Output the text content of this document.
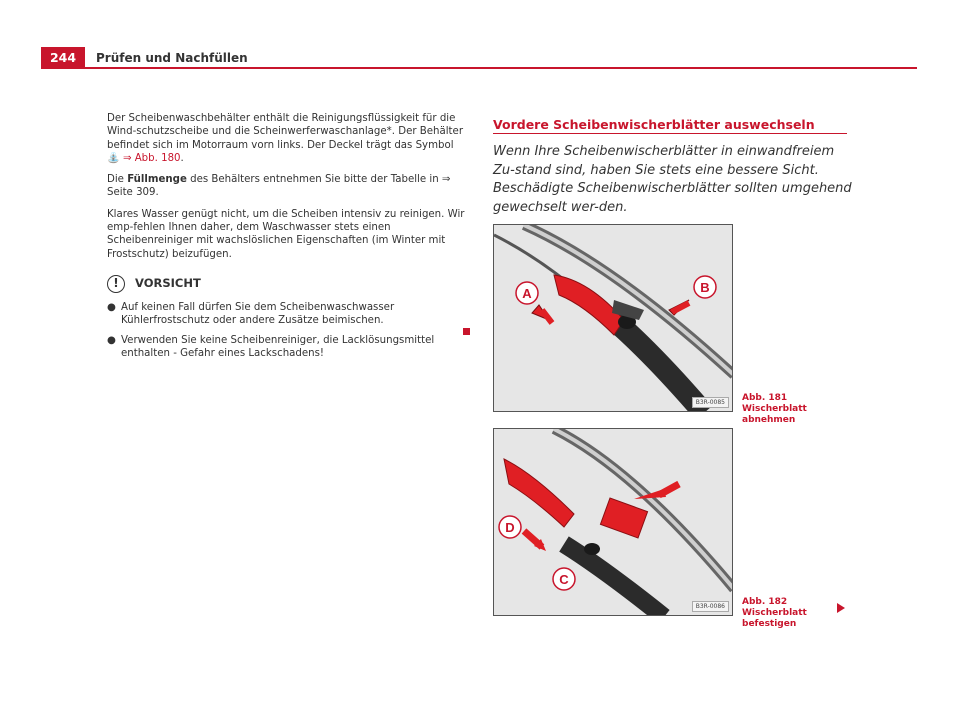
244	Prüfen und Nachfüllen

Der Scheibenwaschbehälter enthält die Reinigungsflüssigkeit für die Wind-schutzscheibe und die Scheinwerferwaschanlage*. Der Behälter befindet sich im Motorraum vorn links. Der Deckel trägt das Symbol ⛲ ⇒ Abb. 180.

Die Füllmenge des Behälters entnehmen Sie bitte der Tabelle in ⇒ Seite 309.

Klares Wasser genügt nicht, um die Scheiben intensiv zu reinigen. Wir emp-fehlen Ihnen daher, dem Waschwasser stets einen Scheibenreiniger mit wachslöslichen Eigenschaften (im Winter mit Frostschutz) beizufügen.

!	VORSICHT
● Auf keinen Fall dürfen Sie dem Scheibenwaschwasser Kühlerfrostschutz oder andere Zusätze beimischen.
● Verwenden Sie keine Scheibenreiniger, die Lacklösungsmittel enthalten - Gefahr eines Lackschadens!
Vordere Scheibenwischerblätter auswechseln
Wenn Ihre Scheibenwischerblätter in einwandfreiem Zu-stand sind, haben Sie stets eine bessere Sicht. Beschädigte Scheibenwischerblätter sollten umgehend gewechselt wer-den.
A	B
B3R-0085	Abb. 181 Wischerblatt
abnehmen
D
C
B3R-0086	Abb. 182 Wischerblatt
befestigen
